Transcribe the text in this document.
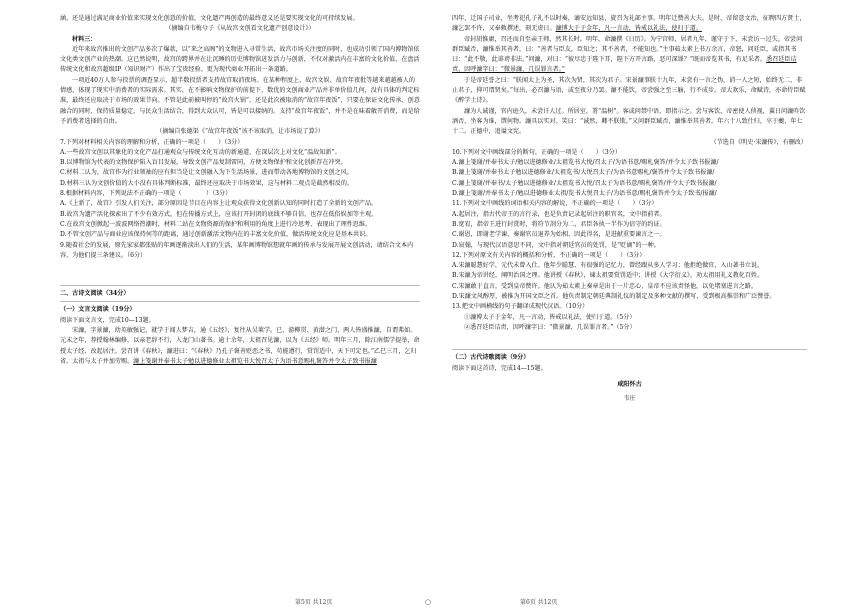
涵，还是通过满足商业价值来实现文化创意的价值，文化遗产再创造的最终意义还是要实现文化的可持续发展。

（摘编自韦梅兮子《从故宫文创看文化遗产创意设计》）

材料三：

近年来故宫推出的文创产品多次了爆款，以“来之高阁”的文物进入寻常生活，故宫市场关注度的同时，也成功引领了国内博物馆依文化类文创产业的热潮。这已然说明，故宫的跨界并在让沉睡的历史博物馆迸发活力与创新，不仅对激活内在丰富的文化价值，在盘活传统文化和故宫超级IP（知识财产）作出了宝贵经验。更为现代商业开拓出一条道路。

一项近40万人参与投票的调查显示，超半数投票者支持故宫取消夜场。在某种程度上，故宫文娱、故宫年夜批等越来越越被人的情感，体现了现实中消费者的实际需求。其实，在不影响文物保护的前提下，数优的文创商业产品并非单价值几何，没有具体的判定标准，最终还应取决于市场的效果节向。不管是此前被叫停的“故宫火锅”，还是此次被取消的“故宫年夜饭”，只要在保证文化传承、创意融合的同时，保持质量稳定，与民众生活结合，得到大众认可，皆是可以接纳的。支持“故宫年夜饭”，并不是在味着敞开消费，而是给予消费者选择的自由。

（摘编自张德渠《“故宫年夜饭”该不该取消，让市场说了算》）

7.下列对材料相关内容的理解和分析，正确的一项是（　　）（3分）

A.一些故宫文创以其象化的文化产品打通观众与传统文化互动的新通道，在深层次上对文化“温故知新”。

B.以博物馆为代表的文物保护陷入盲目发展，导致文创产品复制雷同，方便文物保护和文化创新存在冲突。

C.材料二认为，故宫作为行业领袖的应有担当是让文创融入为下生活场景，进而带动各地博物馆的文创之风。

D.材料三认为文创价值的大小没有具体判断标准，最终还应取决于市场效果，这与材料二观点是截然相反的。

8.根据材料内容，下列说法不正确的一项是（　　　　）（3分）

A.《上新了，故宫》引发人们关注，部分原因是节目在内容上让观众获得文化创新认知的同时打造了全新的文创产品。

B.故宫为遗产活化探索出了不少有效方式，但在传播方式上，应该打开封闭的底线不够自信，也存在低俗娱加等主观。

C.在故宫文创掀起一波波网络热潮时，材料二站在文物资源的保护和利用的角度上进行冷思考，表现出了理性思维。

D.不管文创产品与商业应该保持何等的距离，通过创新激活文物内在的丰富文化价值，做活传统文化应是基本共识。

9.随着社会的发展，原先家家都张贴的年画逐渐淡出人们的生活，某年画博物馆想就年画的传承与发展开展文创活动，请结合文本内容，为他们提三条建议。（6分）

二、古诗文阅读（34分）

（一）文言文阅读（19分）

阅读下面文言文，完成10—13题。

宋濂，字景濂，幼英敏强记，就学于闻人梦吉，通《五经》，复往从吴莱学。已，游柳贯、黄潜之门，两人皆盛推濂，自谓弗如。元末之年，荐授翰林编修，以亲老辞不行，入龙门山著书。逾十余年，太祖召见濂，以为《五经》师。明年三月，除江南儒学提举，命授太子经，改起居注。尝召讲《春秋》，濂进曰：“《春秋》乃孔子褒善贬恶之书，苟能遵行，赏罚适中，天下可定也。”乙巳三月，乞归省。太祖与太子并加劳赐。濂上笺谢并奉书太子勉以进德修业太祖览书大悦召太子为语书意赐札褒答并令太子致书报濂

四年，迁国子司业，坐考祀孔子礼不以时奏，谪安远知县，旋召为礼部主事。明年迁赞善大夫。是时，帝留意文治，征聘四方贤士，濂乞罢不许，又奉敕撰述，刻无虚日。濂博大于于金年，凡一言动，皆戒以礼法，使归于道。

帝封胡惟庸，召还而自至亲王师，然其长时。明年，命濂撰《日历》。为宁宫师，居者九年，谨守于下，未尝访一过失。帝尝问群臣臧否，濂惟举其善者，曰：“善者与臣友，臣知之；其不善者，不能知也。”主事茹太素上书万余言，帝怒，问廷臣，或指其书曰：“此不敬，此诽谤非法。”问濂，对曰：“彼尽忠于陛下耳，陛下方开言路，恶可深罪？”既而帝览其书，有足采者。悉召廷臣诘责，因呼濂字曰：“微景濂，几误罪言者。”

于是帝廷誉之曰：“朕闻太上为圣，其次为贤，其次为君子。宋景濂事朕十九年，未尝有一言之伪，诮一人之短，始终无二，非止君子，抑可谓贤矣。”每出，必召濂与语，或至夜分乃罢。濂不能饮，帝尝强之至三觞，行不成步。帝大欢乐，命赋诗，亦命侍臣赋《醉学士诗》。

濂为人诚谨，官内庭久，未尝讦人过。所居室，署“温树”。客或问禁中语，即指示之。尝与客饮，帝密使人侦视，翼日问濂昨饮酒否，坐客为谁，馔何物。濂具以实对。笑曰：“诚然，卿不朕欺。”又问群臣臧否，濂惟举其善者。年六十八致仕归，卒于夔，年七十二。正德中，追谥文宪。

（节选自《明史·宋濂传》，有删改）

10.下列对文中画线部分的断句，正确的一项是（　　）（3分）

A.濂上笺谢/并奉书太子/勉以进德修业/太祖览书大悦/召太子/为语书意/赐札褒答/并令太子致书报濂/

B.濂上笺谢/并奉书太子勉以进德修业/太祖览书/大悦召太子/为语书意赐札/褒答并令太子致书报濂/

C.濂上笺谢/并奉书/太子勉以进德修业/太祖览书大悦/召太子为语书意/赐札褒答/并令太子致书报濂/

D.濂上笺谢/并奉书太子/勉以进德修业太祖/览书大悦召太子/为语书意/赐札褒答并令太子致书/报濂/

11.下列对文中画线的词语相关内容的解说，不正确的一项是（　　）（3分）

A.起居注，指古代帝王的言行录，也是负责记录起居注的职官名，文中指前者。

B.宽宥，指帝王进行封赏时，将符节剖分为二，君臣各执一半作为信守的约证。

C.谢恩，即谢老学谏，奏谢官员退养为始相，因此得名，是进献重要谏言之一。

D.宸翰，与现代汉语意思不同，文中指对朝廷官员的处罚，是“贬谪”的一种。

12.下列对原文有关内容的概括和分析，不正确的一项是（　　）（3分）

A.宋濂聪慧好学，元代未曾入仕。他年少聪慧，有很强的记忆力，曾经跟从多人学习；他拒绝做官，入山著书立说。

B.宋濂为帝讲经，阐明治国之理。他讲授《春秋》，谏太祖要赏罚适中；讲授《大学衍义》，劝太祖用礼义教化百姓。

C.宋濂敢于直言，受到皇帝赞许。他认为茹太素上奏章是出于一片忠心，皇帝不应该责怪他，以免堵塞进言之路。

D.宋濂文风醇厚，被推为开国文臣之首。他负责制定朝廷典制礼仪的制定及多种文献的撰写，受到极高推崇和广泛赞誉。

13.把文中画横线的句子翻译成现代汉语。（10分）

①濂博太子于金年，凡一言动，皆戒以礼法，使归于道。（5分）

②悉召廷臣诘责，因呼濂字曰：“微景濂，几误罪言者。”（5分）

（二）古代诗歌阅读（9分）

阅读下面这首诗，完成14—15题。

咸阳怀古

韦庄

第5页 共12页	○	第6页 共12页
